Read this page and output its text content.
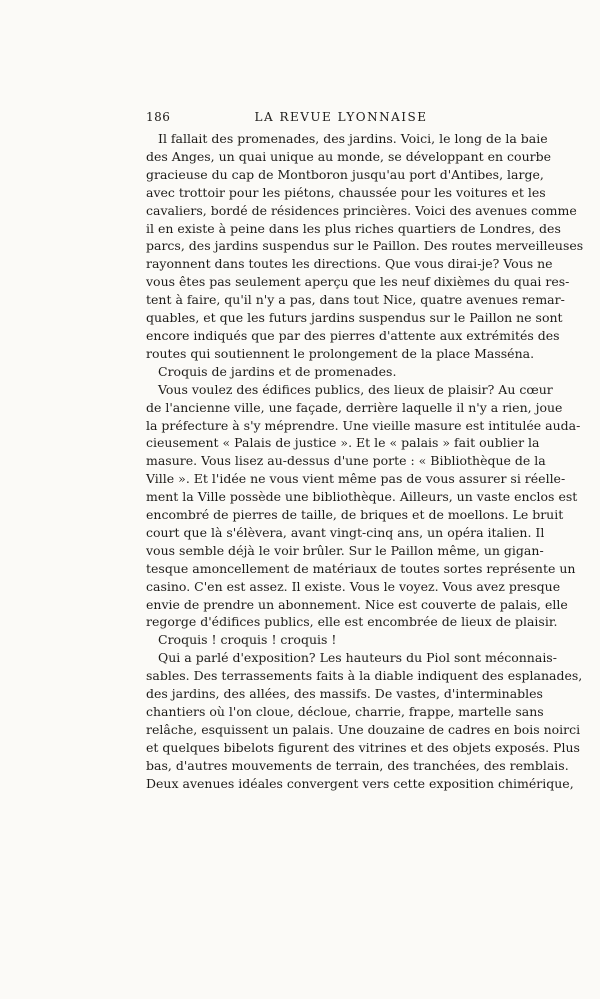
186	LA REVUE LYONNAISE
Il fallait des promenades, des jardins. Voici, le long de la baie
des Anges, un quai unique au monde, se développant en courbe
gracieuse du cap de Montboron jusqu'au port d'Antibes, large,
avec trottoir pour les piétons, chaussée pour les voitures et les
cavaliers, bordé de résidences princières. Voici des avenues comme
il en existe à peine dans les plus riches quartiers de Londres, des
parcs, des jardins suspendus sur le Paillon. Des routes merveilleuses
rayonnent dans toutes les directions. Que vous dirai-je? Vous ne
vous êtes pas seulement aperçu que les neuf dixièmes du quai res-
tent à faire, qu'il n'y a pas, dans tout Nice, quatre avenues remar-
quables, et que les futurs jardins suspendus sur le Paillon ne sont
encore indiqués que par des pierres d'attente aux extrémités des
routes qui soutiennent le prolongement de la place Masséna.
Croquis de jardins et de promenades.
Vous voulez des édifices publics, des lieux de plaisir? Au cœur
de l'ancienne ville, une façade, derrière laquelle il n'y a rien, joue
la préfecture à s'y méprendre. Une vieille masure est intitulée auda-
cieusement « Palais de justice ». Et le « palais » fait oublier la
masure. Vous lisez au-dessus d'une porte : « Bibliothèque de la
Ville ». Et l'idée ne vous vient même pas de vous assurer si réelle-
ment la Ville possède une bibliothèque. Ailleurs, un vaste enclos est
encombré de pierres de taille, de briques et de moellons. Le bruit
court que là s'élèvera, avant vingt-cinq ans, un opéra italien. Il
vous semble déjà le voir brûler. Sur le Paillon même, un gigan-
tesque amoncellement de matériaux de toutes sortes représente un
casino. C'en est assez. Il existe. Vous le voyez. Vous avez presque
envie de prendre un abonnement. Nice est couverte de palais, elle
regorge d'édifices publics, elle est encombrée de lieux de plaisir.
Croquis ! croquis ! croquis !
Qui a parlé d'exposition? Les hauteurs du Piol sont méconnais-
sables. Des terrassements faits à la diable indiquent des esplanades,
des jardins, des allées, des massifs. De vastes, d'interminables
chantiers où l'on cloue, décloue, charrie, frappe, martelle sans
relâche, esquissent un palais. Une douzaine de cadres en bois noirci
et quelques bibelots figurent des vitrines et des objets exposés. Plus
bas, d'autres mouvements de terrain, des tranchées, des remblais.
Deux avenues idéales convergent vers cette exposition chimérique,
